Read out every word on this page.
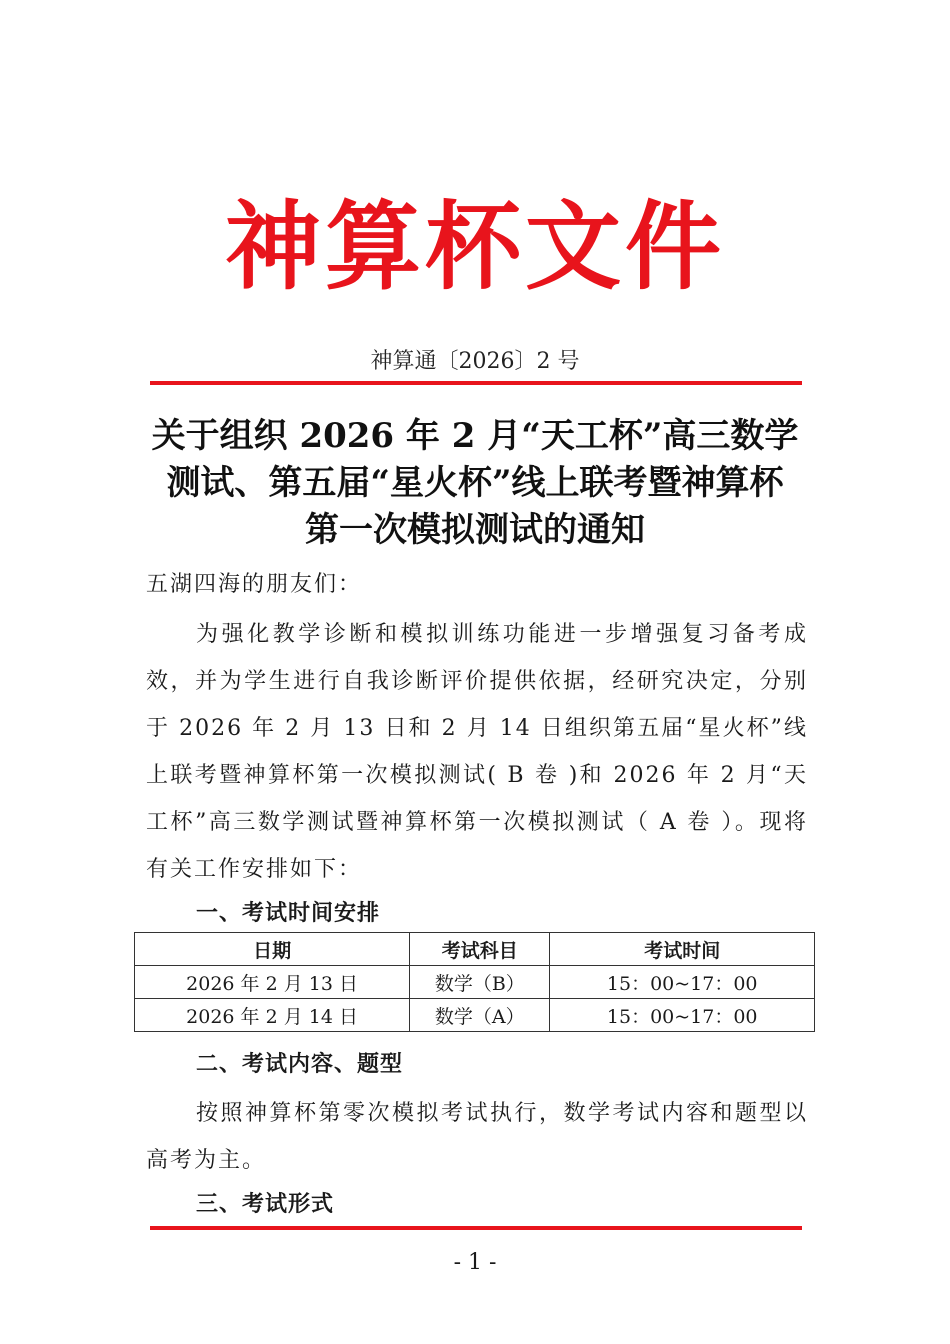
神算杯文件
神算通〔2026〕2 号
关于组织 2026 年 2 月“天工杯”高三数学
测试、第五届“星火杯”线上联考暨神算杯
第一次模拟测试的通知
五湖四海的朋友们：
为强化教学诊断和模拟训练功能进一步增强复习备考成效，并为学生进行自我诊断评价提供依据，经研究决定，分别于 2026 年 2 月 13 日和 2 月 14 日组织第五届“星火杯”线上联考暨神算杯第一次模拟测试( B 卷 )和 2026 年 2 月“天工杯”高三数学测试暨神算杯第一次模拟测试（ A 卷 ）。现将有关工作安排如下：
一、考试时间安排
日期	考试科目	考试时间
2026 年 2 月 13 日	数学（B）	15：00~17：00
2026 年 2 月 14 日	数学（A）	15：00~17：00
二、考试内容、题型
按照神算杯第零次模拟考试执行，数学考试内容和题型以高考为主。
三、考试形式
- 1 -
